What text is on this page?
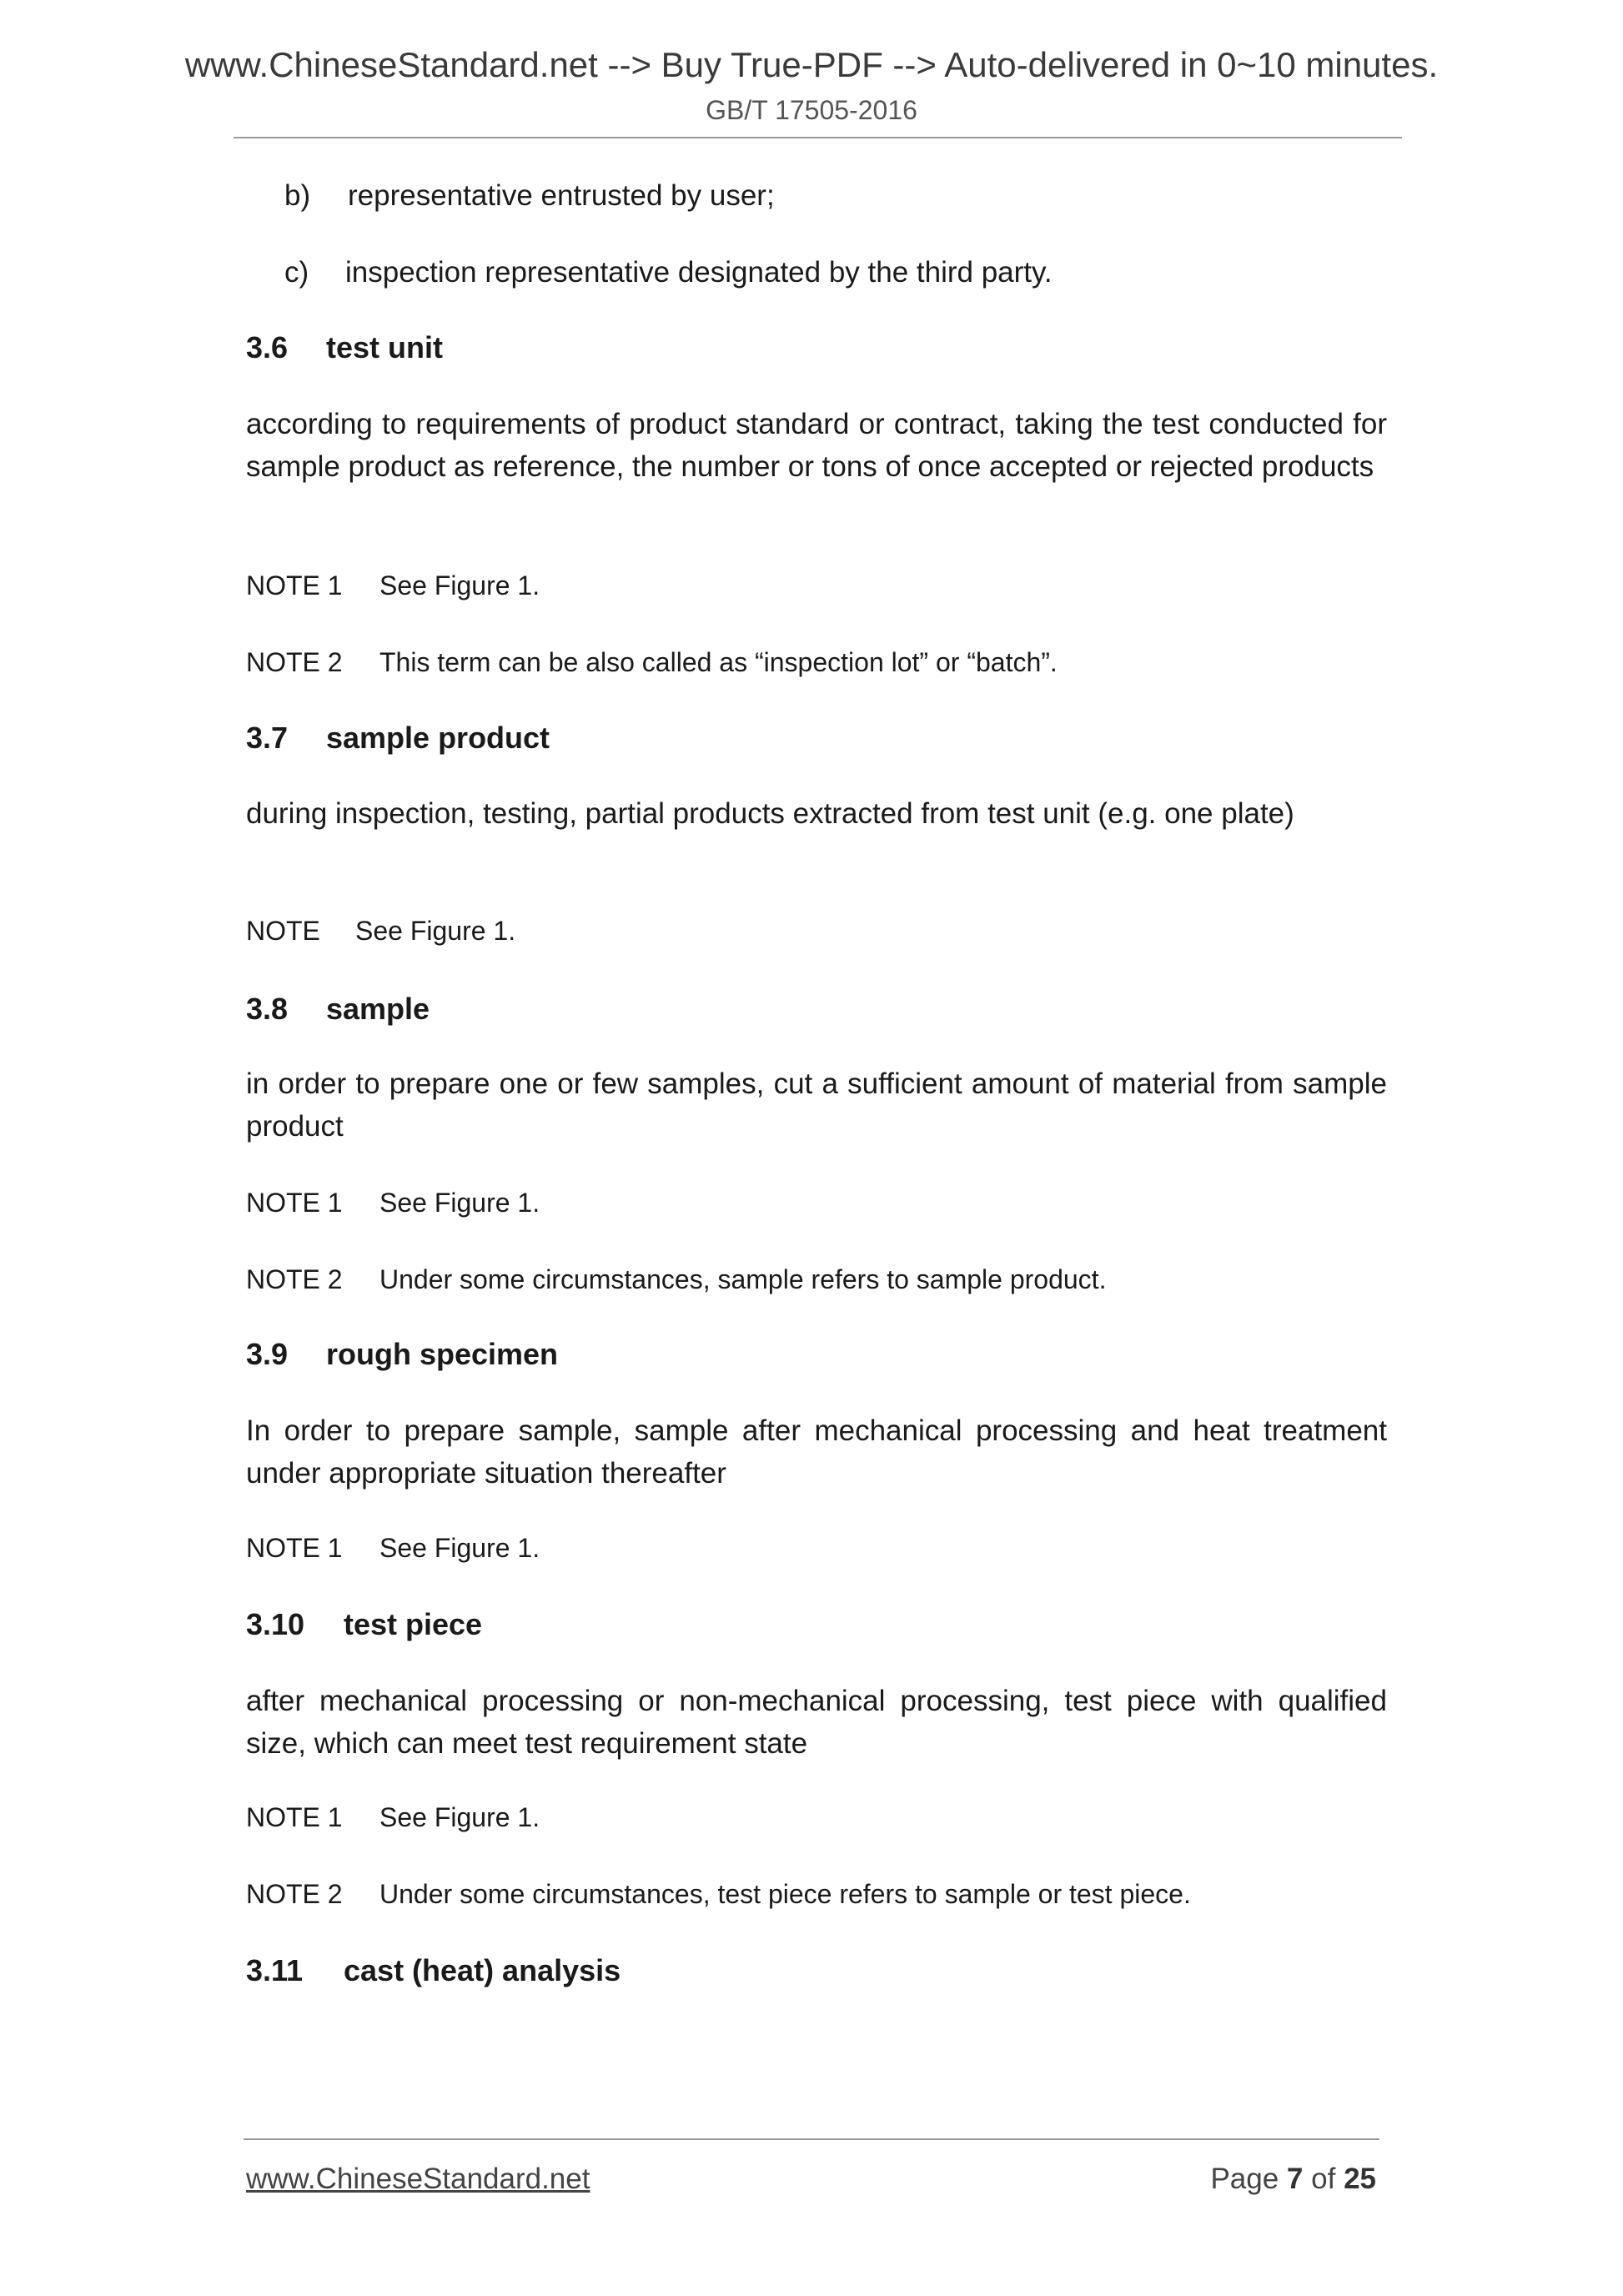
www.ChineseStandard.net --> Buy True-PDF --> Auto-delivered in 0~10 minutes.
GB/T 17505-2016
b) representative entrusted by user;
c) inspection representative designated by the third party.
3.6 test unit
according to requirements of product standard or contract, taking the test conducted for sample product as reference, the number or tons of once accepted or rejected products
NOTE 1 See Figure 1.
NOTE 2 This term can be also called as “inspection lot” or “batch”.
3.7 sample product
during inspection, testing, partial products extracted from test unit (e.g. one plate)
NOTE See Figure 1.
3.8 sample
in order to prepare one or few samples, cut a sufficient amount of material from sample product
NOTE 1 See Figure 1.
NOTE 2 Under some circumstances, sample refers to sample product.
3.9 rough specimen
In order to prepare sample, sample after mechanical processing and heat treatment under appropriate situation thereafter
NOTE 1 See Figure 1.
3.10 test piece
after mechanical processing or non-mechanical processing, test piece with qualified size, which can meet test requirement state
NOTE 1 See Figure 1.
NOTE 2 Under some circumstances, test piece refers to sample or test piece.
3.11 cast (heat) analysis
www.ChineseStandard.net	Page 7 of 25
